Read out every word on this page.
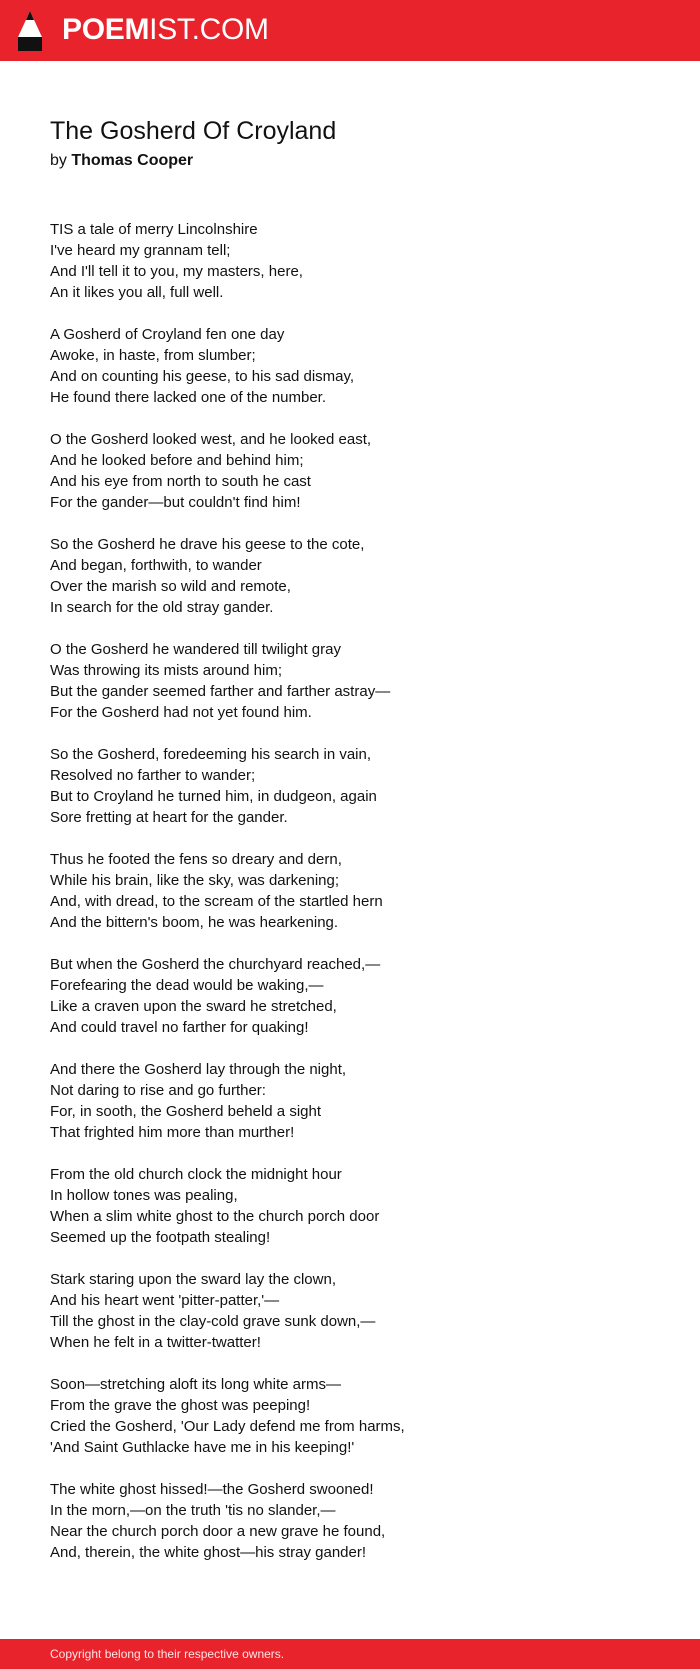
POEMIST.COM
The Gosherd Of Croyland

by Thomas Cooper

TIS a tale of merry Lincolnshire
I've heard my grannam tell;
And I'll tell it to you, my masters, here,
An it likes you all, full well.
A Gosherd of Croyland fen one day
Awoke, in haste, from slumber;
And on counting his geese, to his sad dismay,
He found there lacked one of the number.
O the Gosherd looked west, and he looked east,
And he looked before and behind him;
And his eye from north to south he cast
For the gander—but couldn't find him!
So the Gosherd he drave his geese to the cote,
And began, forthwith, to wander
Over the marish so wild and remote,
In search for the old stray gander.
O the Gosherd he wandered till twilight gray
Was throwing its mists around him;
But the gander seemed farther and farther astray—
For the Gosherd had not yet found him.
So the Gosherd, foredeeming his search in vain,
Resolved no farther to wander;
But to Croyland he turned him, in dudgeon, again
Sore fretting at heart for the gander.
Thus he footed the fens so dreary and dern,
While his brain, like the sky, was darkening;
And, with dread, to the scream of the startled hern
And the bittern's boom, he was hearkening.
But when the Gosherd the churchyard reached,—
Forefearing the dead would be waking,—
Like a craven upon the sward he stretched,
And could travel no farther for quaking!
And there the Gosherd lay through the night,
Not daring to rise and go further:
For, in sooth, the Gosherd beheld a sight
That frighted him more than murther!
From the old church clock the midnight hour
In hollow tones was pealing,
When a slim white ghost to the church porch door
Seemed up the footpath stealing!
Stark staring upon the sward lay the clown,
And his heart went 'pitter-patter,'—
Till the ghost in the clay-cold grave sunk down,—
When he felt in a twitter-twatter!
Soon—stretching aloft its long white arms—
From the grave the ghost was peeping!
Cried the Gosherd, 'Our Lady defend me from harms,
'And Saint Guthlacke have me in his keeping!'
The white ghost hissed!—the Gosherd swooned!
In the morn,—on the truth 'tis no slander,—
Near the church porch door a new grave he found,
And, therein, the white ghost—his stray gander!
Copyright belong to their respective owners.
